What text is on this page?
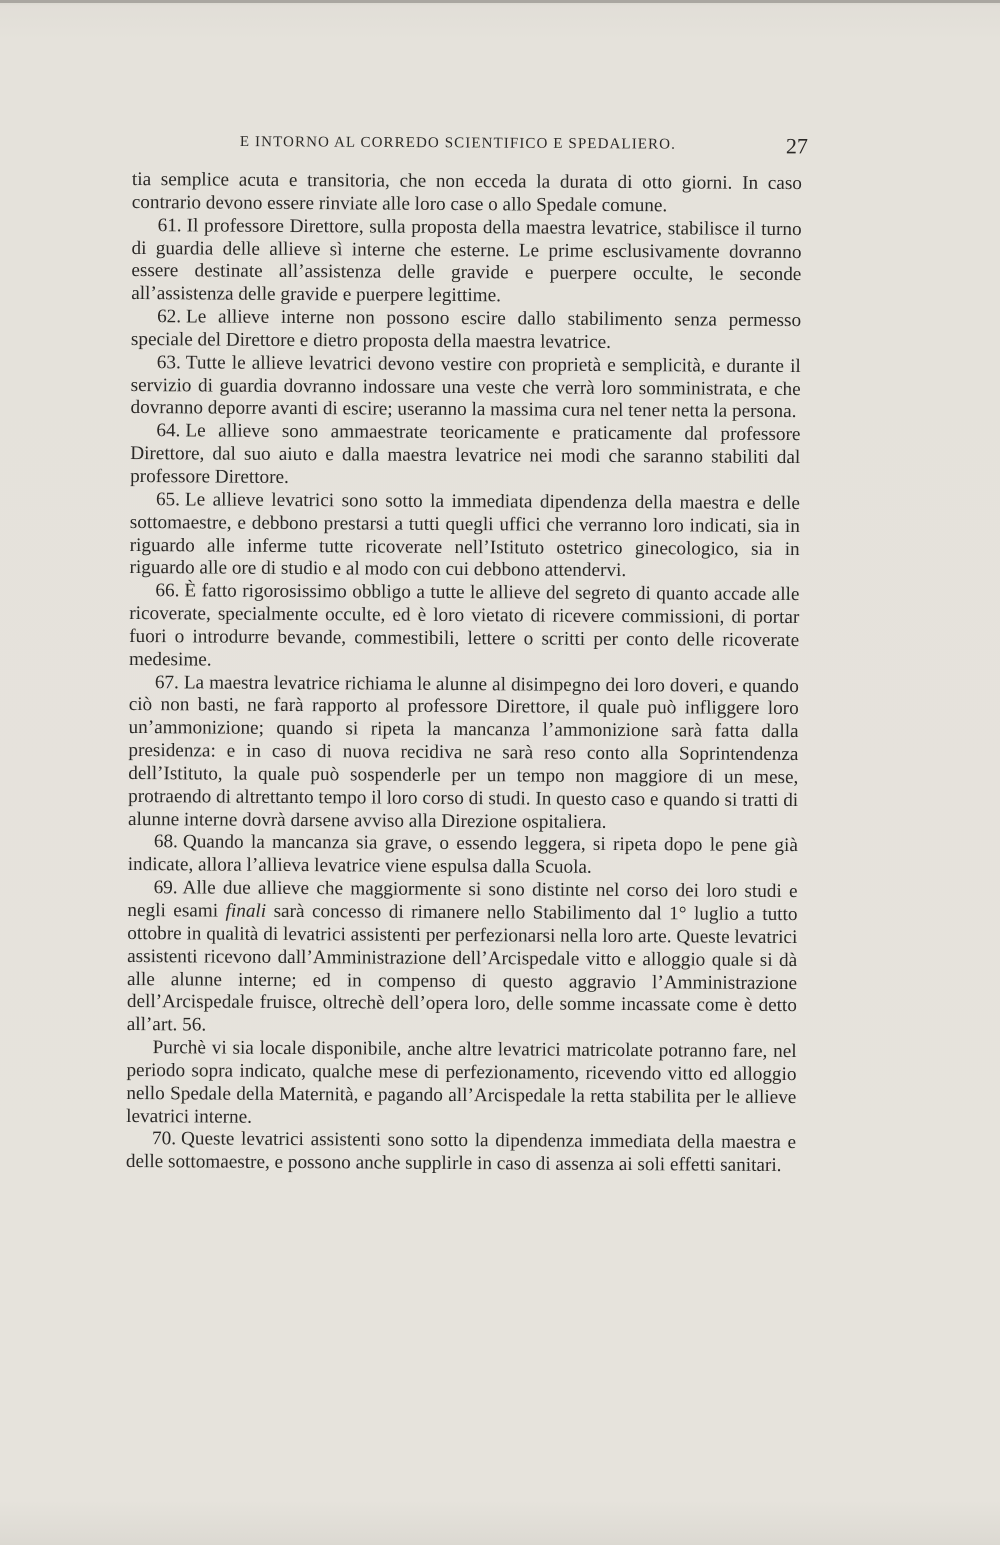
E INTORNO AL CORREDO SCIENTIFICO E SPEDALIERO.	27

tia semplice acuta e transitoria, che non ecceda la durata di otto giorni. In caso contrario devono essere rinviate alle loro case o allo Spedale comune.

61. Il professore Direttore, sulla proposta della maestra levatrice, stabilisce il turno di guardia delle allieve sì interne che esterne. Le prime esclusivamente dovranno essere destinate all’assistenza delle gravide e puerpere occulte, le seconde all’assistenza delle gravide e puerpere legittime.

62. Le allieve interne non possono escire dallo stabilimento senza permesso speciale del Direttore e dietro proposta della maestra levatrice.

63. Tutte le allieve levatrici devono vestire con proprietà e semplicità, e durante il servizio di guardia dovranno indossare una veste che verrà loro somministrata, e che dovranno deporre avanti di escire; useranno la massima cura nel tener netta la persona.

64. Le allieve sono ammaestrate teoricamente e praticamente dal professore Direttore, dal suo aiuto e dalla maestra levatrice nei modi che saranno stabiliti dal professore Direttore.

65. Le allieve levatrici sono sotto la immediata dipendenza della maestra e delle sottomaestre, e debbono prestarsi a tutti quegli uffici che verranno loro indicati, sia in riguardo alle inferme tutte ricoverate nell’Istituto ostetrico ginecologico, sia in riguardo alle ore di studio e al modo con cui debbono attendervi.

66. È fatto rigorosissimo obbligo a tutte le allieve del segreto di quanto accade alle ricoverate, specialmente occulte, ed è loro vietato di ricevere commissioni, di portar fuori o introdurre bevande, commestibili, lettere o scritti per conto delle ricoverate medesime.

67. La maestra levatrice richiama le alunne al disimpegno dei loro doveri, e quando ciò non basti, ne farà rapporto al professore Direttore, il quale può infliggere loro un’ammonizione; quando si ripeta la mancanza l’ammonizione sarà fatta dalla presidenza: e in caso di nuova recidiva ne sarà reso conto alla Soprintendenza dell’Istituto, la quale può sospenderle per un tempo non maggiore di un mese, protraendo di altrettanto tempo il loro corso di studi. In questo caso e quando si tratti di alunne interne dovrà darsene avviso alla Direzione ospitaliera.

68. Quando la mancanza sia grave, o essendo leggera, si ripeta dopo le pene già indicate, allora l’allieva levatrice viene espulsa dalla Scuola.

69. Alle due allieve che maggiormente si sono distinte nel corso dei loro studi e negli esami finali sarà concesso di rimanere nello Stabilimento dal 1° luglio a tutto ottobre in qualità di levatrici assistenti per perfezionarsi nella loro arte. Queste levatrici assistenti ricevono dall’Amministrazione dell’Arcispedale vitto e alloggio quale si dà alle alunne interne; ed in compenso di questo aggravio l’Amministrazione dell’Arcispedale fruisce, oltrechè dell’opera loro, delle somme incassate come è detto all’art. 56.

Purchè vi sia locale disponibile, anche altre levatrici matricolate potranno fare, nel periodo sopra indicato, qualche mese di perfezionamento, ricevendo vitto ed alloggio nello Spedale della Maternità, e pagando all’Arcispedale la retta stabilita per le allieve levatrici interne.

70. Queste levatrici assistenti sono sotto la dipendenza immediata della maestra e delle sottomaestre, e possono anche supplirle in caso di assenza ai soli effetti sanitari.
